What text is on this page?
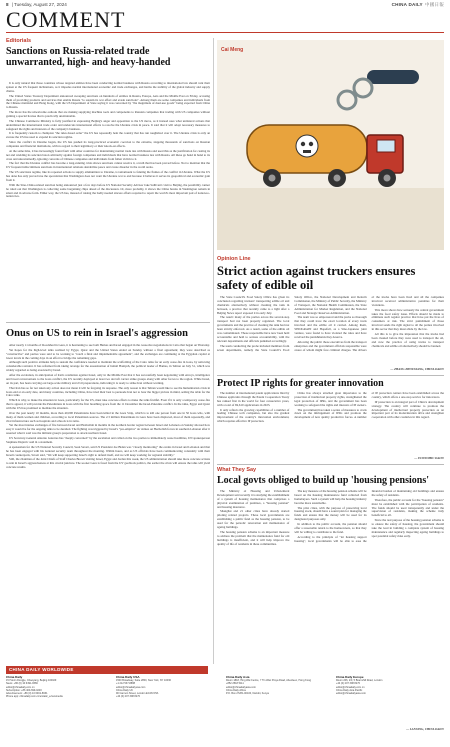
8 | Tuesday, August 27, 2024	CHINA DAILY 中國日報
COMMENT
Editorials
Sanctions on Russia-related trade unwarranted, high- and heavy-handed

It is only natural that those countries whose targeted entities have been conducting normal business with Russia according to international law should vent their spleen at the US frequent inclinations, as it impedes normal international economic and trade exchanges, and harms the stability of the global industry and supply chains.

The United States Treasury Department announced sweeping sanctions on hundreds of entities in Russia, Europe, Asia and the Middle East on Friday, accusing them of providing products and services that enable Russia "to sustain its war effort and evade sanctions". Among them are some companies and individuals from the Chinese mainland and Hong Kong, with the US Department of State saying it was concerned by "the magnitude of dual-use goods" being exported from China to Russia.

The move has the unwelcome outlook that are making supplying machine tools and components to Russian companies that trading with US companies without gaining a special license that is practically unobtainable.

The Chinese Commerce Ministry is fully justified in expressing Beijing's anger and opposition to the US move, as it instead uses what unilateral actions that undermined the international trade order and undercuts international efforts to resolve the Ukraine crisis in peace. It said that it will adopt necessary measures to safeguard the rights and interests of the company's business.

It is frequently custom to champion "the rules-based order" the US has repeatedly bent the country that has run roughshod over it. The Ukraine crisis is only an excuse the US has used to expand its sanction regime.

Since the conflict in Ukraine began, the US has pushed its long-practiced economic coercion to the extreme, slapping thousands of sanctions on Russian companies and financial institutions, with no regard to their legitimacy or their knock-on effects.

At the same time, it has increasingly found fault with other countries for maintaining normal trade ties with Russia and used this as the justification for casting its net and wielding its sanction baton arbitrarily against foreign companies and individuals that have normal business ties with Russia. All these go hand in hand to its crass and unrestrainedly, ignoring concerns of Chinese companies and individuals from fallen victim to it.

The fact that the Ukraine conflict has become a long-running crisis shows sanctions cannot resolve it, a truth that has been proved before. Not to mention that the US' frequent indiscriminate sanctions in international relations destabilize peace and create disorder in the world arena.

The US sanctions regime, like its repeated actions to supply ammunition to Ukraine, is tantamount to fanning the flames of the conflict in Ukraine. What the US has done has only proved true the speculation that Washington does not want the Ukraine war to end because it believes it serves its geopolitical and economic gain from it.

With the Sino-China-related sanction being announced just a few days before US National Security Advisor Jake Sullivan's visit to Beijing, the possibility cannot be ruled out that Washington is collecting some bargaining chips ahead of the discussion. Or, more probably, it shows the China hawks in Washington remain in smart and in adverse form. Either way, the US has, instead of raising the badly needed sincere efforts required to repair the world's most important pair of nation-to-nation ties.

Onus on US to rein in Israel's aggression

After nearly 11 months of bloodshed in Gaza, it is heartening to see both Hamas and Israel engaged in the cease-fire negotiations in Cairo that began on Thursday.

Yet hopes for the high-level talks realized by Egypt, Qatar and the United States ended on Sunday without a final agreement; they were described as "constructive" and parties were said to be working to "reach a final and implementable agreement", and the exchanges are continuing at the Egyptian capital at lower levels in the coming days in an effort to bridge the remaining gaps.

Although such positive attitudes help to sustain the confidence needed to maintain the scaffolding of the Cairo talks for an early cease-fire in Gaza, by removing considerable restraint. It has refrained from taking revenge for the assassination of Ismail Haniyeh, the political leader of Hamas, in Tehran on July 31, which was widely regarded as being executed by Israel.

After the escalation, in anticipation of Iran's retaliation against Israel, only in the Middle East that it has successfully been negotiating with envoys, intelligence and broad conversations to the Gaza conflict, the US recently deployed at least two aircraft carrier strike groups along with other forces to the region. While Israel, on its part, has been carrying out large-scale military and civil preparations, indicating it is ready to strike Iran without warning.

That Iran has so far not taken any action does not mean it will be forgoing its response. The only reason is that Tehran would like to see the humanitarian crisis in Gaza end at an early date, and many countries, including China, have tried their best to persuade Iran not to bear the bigger picture in mind, setting the table for the Cairo talks.

Which is why, to make the situation in Gaza, particularly for the US, must take concrete efforts to make the talks fruitful. Even if it is only a temporary cease-fire that is agreed, it will provide the Palestinians in Gaza with the first breathing space from the 11 December the Israel-Palestine conflict. In the talks, Egypt and Qatar with the US has promised to mediate the situation.

Over the past nearly 10 months, more than 40,000 Palestinians have been killed in the Gaza Strip, which is to kill one person from one in 50 Gaza who, with many of them women and children, according to local Palestinian sources. The 2.3 million Palestinians in Gaza have been displaced, most of them repeatedly, and vital infrastructure such as hospitals and schools is in ruins.

Yet the most intense exchanges of fire between Israel and Hezbollah in months in the northern border region between Israel and Lebanon on Sunday showed how easy it would be for the ongoing talks to be derailed. The fighting was triggered by Israel's "pre-emptive" air strikes on Hezbollah forces in southern Lebanon after it asserted what it said was the militant group's preparation to attack northern Israel.

US Secretary-General Antonio Guterres has "deeply concerned" by the escalation and called on the two parties to immediately cease hostilities, UN spokesperson Stephane Dujarric said in a statement.

A spokesman for the US National Security Council, Sean Savett, said US President Joe Biden was "closely monitoring" the events in Israel and Lebanon and that he has been engaged with his national security team throughout the morning. Within hours, and as US officials have been communicating constantly with their Israeli counterparts, Savett said, "We will keep supporting Israel's right to defend itself, and we will keep working for regional stability."

Still, the chairman of the Joint Chiefs of Staff Charles Brown visiting Israel, Egypt and Jordan this week, the US administration should take more concrete actions to rein in Israel's aggressiveness at this crucial juncture. The sooner Gaza is freed from the US' geoblock politics, the earlier the crisis will ensure the talks will yield concrete results.

CHINA DAILY WORLDWIDE
China Daily
15 Huixin Dongjie, Chaoyang, Beijing 100029
News: +86 (0) 10 6491-8366
editor@chinadaily.com.cn
Subscription: +86 400-699-0203
Advertisement: +86 (0) 10 6491-8631
Phone app: chinadaily.com.cn/e/static_e/newmedia
China Daily USA
1500 Broadway, Suite 2800, New York, NY 10036
+1 212 537-8888
editor@chinadailyusa.com
China Daily UK
90 Cannon Street, London EC4N 6HA
+44 (0) 207 398 8270
China Daily Asia
Room 1818, Hing Wai Centre, 7 Tin Wan Praya Road, Aberdeen, Hong Kong
+852 2518 5111
editor@chinadailyasia.com
China Daily Africa
P.O. Box 27281-00100, Nairobi, Kenya
China Daily Europe
Room 206, 2/F, 5 Bramshill Road, London
+44 (0) 207 398 8270
editor@chinadaily.com.cn
China Daily Asia Pacific
editor@chinadailyasia.com
Cai Meng
Opinion Line
Strict action against truckers ensures safety of edible oil

The State Council's Food Safety Office has given its conclusion regarding truckers' transporting edible oil and chemicals alternatively without cleaning the tank in between, a practice that recently came to a light after a Beijing News report exposed it in early July.

The result: many of the parties across the several-step transport had not been properly regulated. The local governments and the practice of cleaning the tank had not been strictly enforced. As a result, some of the edible oil was contaminated. Those responsible have now been held accountable and held to serious accountability, with the relevant departments and officials punished accordingly.

The team conducting the probe included members from seven departments, namely the State Council's Food Safety Office, the National Development and Reform Commission, the Ministry of Public Security, the Ministry of Transport, the National Health Commission, the State Administration for Market Regulation, and the National Food and Strategic Reserves Administration.

The team was so empowered and the probe so thorough that they could trace the exact location of every truck involved and the edible oil it carried. Among them, SINOGRAIN and Hopefull, as a Sino-Japanese joint venture, were found to have violated the rules and have received the punishments they deserve.

Allowing the public those executives from the transport enterprises and the government officials responsible were aware of whom might face criminal charges. The drivers of the trucks have been fired and all the companies involved received administrative penalties for their violations.

This move shows how seriously the central government takes the food safety issue. Efforts should be made to eliminate such regular practice that have put the lives of consumers at risk. The strict punishment of those involved sends the right signal to all the parties involved in this sector that they must abide by the law.

All this is to give the impression that the trucks had been cleaned before they were used to transport the oil, and now the practice of using trucks to transport chemicals and edible oil alternatively should be banned.

— ZHANG ZHOUXIANG, CHINA DAILY
Protect IP rights for greater innovation

The number of international patent applications filed by Chinese applicants through the Patent Cooperation Treaty has ranked first in the world for four consecutive years, with a total of 69,610 applications in 2023.

It only reflects the growing capabilities of a number of leading Chinese tech companies, but also the gradual improvement of the country's innovation environment, which requires effective IP protection.

China has always attached great importance to the protection of intellectual property rights, strengthened the legal protection of IPRs, and the government has been working to safeguard the rights and interests of IP owners.

The government has taken a series of measures to crack down on the infringement of IPRs and promote the development of new quality productive forces. A number of IP protection centers have been established across the country, which offers a one-stop service for innovators.

IP protection is an integral part of China's development strategy. The country will continue to promote the development of intellectual property protection as an important part of its modernization drive and strengthen cooperation with other countries in this regard.

— ECONOMIC DAILY
What They Say
Local govts obliged to build up 'housing pensions'

The Ministry of Housing and Urban-Rural Development said recently it is studying the establishment of a system of housing maintenance that comprises a physical examination of premises, a "housing pension" and housing insurance.

Shanghai and 21 other cities have already started piloting related projects. These local governments are establishing a public fund as the housing pension, to be used for the periodic renovation and maintenance of ageing buildings.

The housing pension scheme is an important measure to address the problem that the maintenance fund for old buildings is insufficient, and it will help improve the quality of life of residents in these communities.

The key measure of the housing pension scheme will be based on the housing maintenance fund collected from homebuyers. Such a system will help the housing industry become more sustainable.

The pilot cities, with the purpose of preserving local housing stock, should have a sound plan for managing the funds and ensure that the money will be used for its designated purposes only.

In addition to the public account, the pension should offer a reasonable return to the homeowners, so that they will be willing to contribute to the fund.

According to the principle of "let housing support housing", local governments will be able to ease the financial burden of maintaining old buildings and ensure the safety of residents.

Therefore, the public account for the "housing pension" must be established with the participation of residents. The funds should be used transparently and under the supervision of residents, making the scheme truly beneficial to all.

Since the real purpose of the housing pension scheme is to ensure the safety of housing, the government should take the lead in building a complete system of housing maintenance and regularly inspecting ageing buildings to spot potential safety risks early.

— LANXING, CHINA DAILY
